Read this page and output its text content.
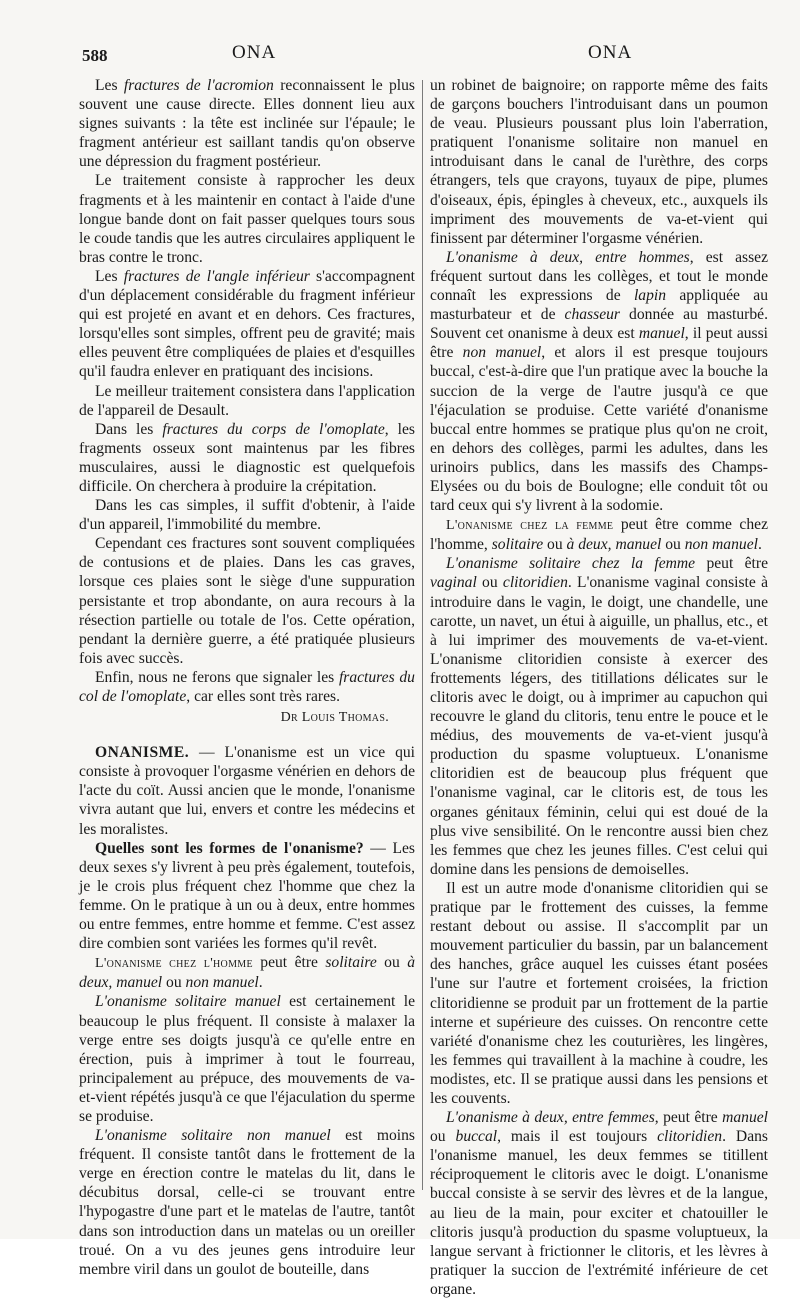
588	ONA	ONA

Les fractures de l'acromion reconnaissent le plus souvent une cause directe. Elles donnent lieu aux signes suivants : la tête est inclinée sur l'épaule; le fragment antérieur est saillant tandis qu'on observe une dépression du fragment postérieur.

Le traitement consiste à rapprocher les deux fragments et à les maintenir en contact à l'aide d'une longue bande dont on fait passer quelques tours sous le coude tandis que les autres circulaires appliquent le bras contre le tronc.

Les fractures de l'angle inférieur s'accompagnent d'un déplacement considérable du fragment inférieur qui est projeté en avant et en dehors. Ces fractures, lorsqu'elles sont simples, offrent peu de gravité; mais elles peuvent être compliquées de plaies et d'esquilles qu'il faudra enlever en pratiquant des incisions.

Le meilleur traitement consistera dans l'application de l'appareil de Desault.

Dans les fractures du corps de l'omoplate, les fragments osseux sont maintenus par les fibres musculaires, aussi le diagnostic est quelquefois difficile. On cherchera à produire la crépitation.

Dans les cas simples, il suffit d'obtenir, à l'aide d'un appareil, l'immobilité du membre.

Cependant ces fractures sont souvent compliquées de contusions et de plaies. Dans les cas graves, lorsque ces plaies sont le siège d'une suppuration persistante et trop abondante, on aura recours à la résection partielle ou totale de l'os. Cette opération, pendant la dernière guerre, a été pratiquée plusieurs fois avec succès.

Enfin, nous ne ferons que signaler les fractures du col de l'omoplate, car elles sont très rares.

Dr Louis Thomas.

ONANISME. — L'onanisme est un vice qui consiste à provoquer l'orgasme vénérien en dehors de l'acte du coït. Aussi ancien que le monde, l'onanisme vivra autant que lui, envers et contre les médecins et les moralistes.

Quelles sont les formes de l'onanisme? — Les deux sexes s'y livrent à peu près également, toutefois, je le crois plus fréquent chez l'homme que chez la femme. On le pratique à un ou à deux, entre hommes ou entre femmes, entre homme et femme. C'est assez dire combien sont variées les formes qu'il revêt.

L'onanisme chez l'homme peut être solitaire ou à deux, manuel ou non manuel.

L'onanisme solitaire manuel est certainement le beaucoup le plus fréquent. Il consiste à malaxer la verge entre ses doigts jusqu'à ce qu'elle entre en érection, puis à imprimer à tout le fourreau, principalement au prépuce, des mouvements de va-et-vient répétés jusqu'à ce que l'éjaculation du sperme se produise.

L'onanisme solitaire non manuel est moins fréquent. Il consiste tantôt dans le frottement de la verge en érection contre le matelas du lit, dans le décubitus dorsal, celle-ci se trouvant entre l'hypogastre d'une part et le matelas de l'autre, tantôt dans son introduction dans un matelas ou un oreiller troué. On a vu des jeunes gens introduire leur membre viril dans un goulot de bouteille, dans

un robinet de baignoire; on rapporte même des faits de garçons bouchers l'introduisant dans un poumon de veau. Plusieurs poussant plus loin l'aberration, pratiquent l'onanisme solitaire non manuel en introduisant dans le canal de l'urèthre, des corps étrangers, tels que crayons, tuyaux de pipe, plumes d'oiseaux, épis, épingles à cheveux, etc., auxquels ils impriment des mouvements de va-et-vient qui finissent par déterminer l'orgasme vénérien.

L'onanisme à deux, entre hommes, est assez fréquent surtout dans les collèges, et tout le monde connaît les expressions de lapin appliquée au masturbateur et de chasseur donnée au masturbé. Souvent cet onanisme à deux est manuel, il peut aussi être non manuel, et alors il est presque toujours buccal, c'est-à-dire que l'un pratique avec la bouche la succion de la verge de l'autre jusqu'à ce que l'éjaculation se produise. Cette variété d'onanisme buccal entre hommes se pratique plus qu'on ne croit, en dehors des collèges, parmi les adultes, dans les urinoirs publics, dans les massifs des Champs-Elysées ou du bois de Boulogne; elle conduit tôt ou tard ceux qui s'y livrent à la sodomie.

L'onanisme chez la femme peut être comme chez l'homme, solitaire ou à deux, manuel ou non manuel.

L'onanisme solitaire chez la femme peut être vaginal ou clitoridien. L'onanisme vaginal consiste à introduire dans le vagin, le doigt, une chandelle, une carotte, un navet, un étui à aiguille, un phallus, etc., et à lui imprimer des mouvements de va-et-vient. L'onanisme clitoridien consiste à exercer des frottements légers, des titillations délicates sur le clitoris avec le doigt, ou à imprimer au capuchon qui recouvre le gland du clitoris, tenu entre le pouce et le médius, des mouvements de va-et-vient jusqu'à production du spasme voluptueux. L'onanisme clitoridien est de beaucoup plus fréquent que l'onanisme vaginal, car le clitoris est, de tous les organes génitaux féminin, celui qui est doué de la plus vive sensibilité. On le rencontre aussi bien chez les femmes que chez les jeunes filles. C'est celui qui domine dans les pensions de demoiselles.

Il est un autre mode d'onanisme clitoridien qui se pratique par le frottement des cuisses, la femme restant debout ou assise. Il s'accomplit par un mouvement particulier du bassin, par un balancement des hanches, grâce auquel les cuisses étant posées l'une sur l'autre et fortement croisées, la friction clitoridienne se produit par un frottement de la partie interne et supérieure des cuisses. On rencontre cette variété d'onanisme chez les couturières, les lingères, les femmes qui travaillent à la machine à coudre, les modistes, etc. Il se pratique aussi dans les pensions et les couvents.

L'onanisme à deux, entre femmes, peut être manuel ou buccal, mais il est toujours clitoridien. Dans l'onanisme manuel, les deux femmes se titillent réciproquement le clitoris avec le doigt. L'onanisme buccal consiste à se servir des lèvres et de la langue, au lieu de la main, pour exciter et chatouiller le clitoris jusqu'à production du spasme voluptueux, la langue servant à frictionner le clitoris, et les lèvres à pratiquer la succion de l'extrémité inférieure de cet organe.
